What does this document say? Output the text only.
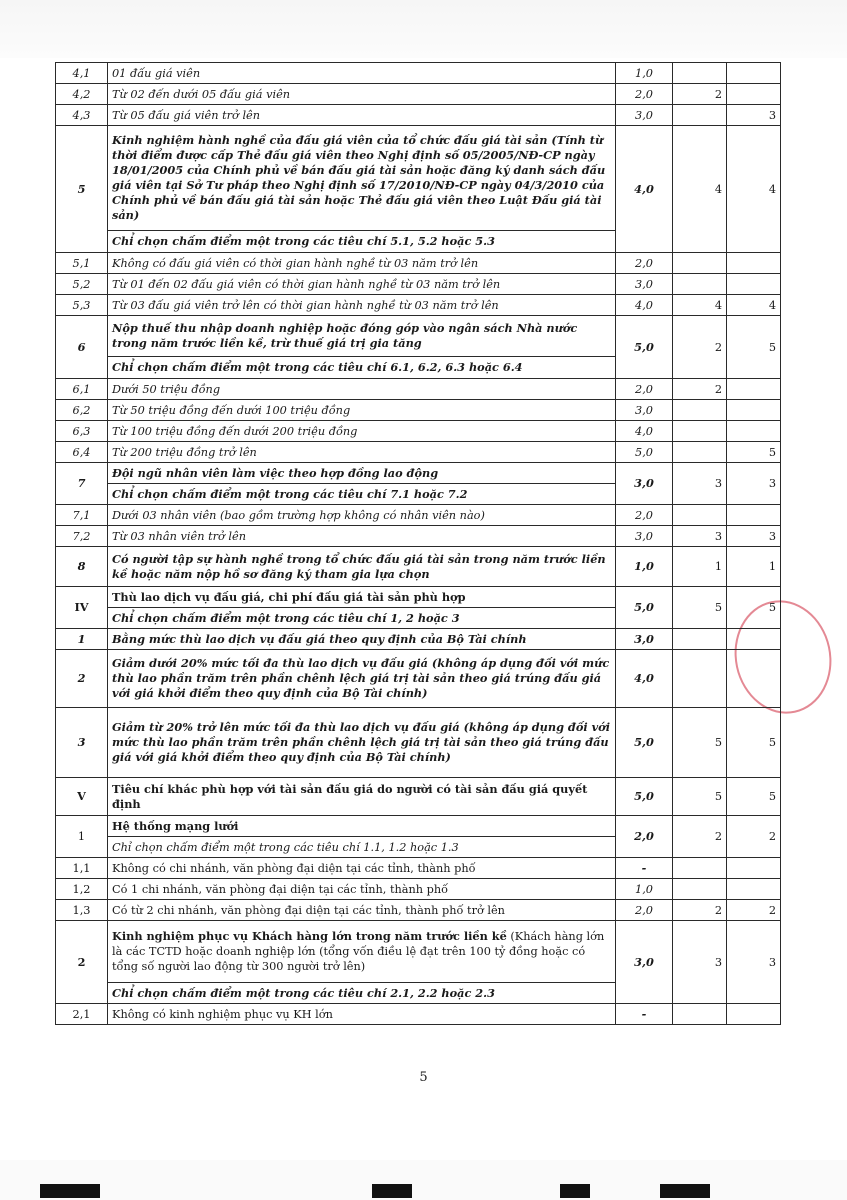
4,1	01 đấu giá viên	1,0		
4,2	Từ 02 đến dưới 05 đấu giá viên	2,0	2	
4,3	Từ 05 đấu giá viên trở lên	3,0		3
5	Kinh nghiệm hành nghề của đấu giá viên của tổ chức đấu giá tài sản (Tính từ thời điểm được cấp Thẻ đấu giá viên theo Nghị định số 05/2005/NĐ-CP ngày 18/01/2005 của Chính phủ về bán đấu giá tài sản hoặc đăng ký danh sách đấu giá viên tại Sở Tư pháp theo Nghị định số 17/2010/NĐ-CP ngày 04/3/2010 của Chính phủ về bán đấu giá tài sản hoặc Thẻ đấu giá viên theo Luật Đấu giá tài sản)	4,0	4	4
	Chỉ chọn chấm điểm một trong các tiêu chí 5.1, 5.2 hoặc 5.3			
5,1	Không có đấu giá viên có thời gian hành nghề từ 03 năm trở lên	2,0		
5,2	Từ 01 đến 02 đấu giá viên có thời gian hành nghề từ 03 năm trở lên	3,0		
5,3	Từ 03 đấu giá viên trở lên có thời gian hành nghề từ 03 năm trở lên	4,0	4	4
6	Nộp thuế thu nhập doanh nghiệp hoặc đóng góp vào ngân sách Nhà nước trong năm trước liền kề, trừ thuế giá trị gia tăng	5,0	2	5
	Chỉ chọn chấm điểm một trong các tiêu chí 6.1, 6.2, 6.3 hoặc 6.4			
6,1	Dưới 50 triệu đồng	2,0	2	
6,2	Từ 50 triệu đồng đến dưới 100 triệu đồng	3,0		
6,3	Từ 100 triệu đồng đến dưới 200 triệu đồng	4,0		
6,4	Từ 200 triệu đồng trở lên	5,0		5
7	Đội ngũ nhân viên làm việc theo hợp đồng lao động	3,0	3	3
	Chỉ chọn chấm điểm một trong các tiêu chí 7.1 hoặc 7.2			
7,1	Dưới 03 nhân viên (bao gồm trường hợp không có nhân viên nào)	2,0		
7,2	Từ 03 nhân viên trở lên	3,0	3	3
8	Có người tập sự hành nghề trong tổ chức đấu giá tài sản trong năm trước liền kề hoặc năm nộp hồ sơ đăng ký tham gia lựa chọn	1,0	1	1
IV	Thù lao dịch vụ đấu giá, chi phí đấu giá tài sản phù hợp	5,0	5	5
	Chỉ chọn chấm điểm một trong các tiêu chí 1, 2 hoặc 3			
1	Bằng mức thù lao dịch vụ đấu giá theo quy định của Bộ Tài chính	3,0		
2	Giảm dưới 20% mức tối đa thù lao dịch vụ đấu giá (không áp dụng đối với mức thù lao phần trăm trên phần chênh lệch giá trị tài sản theo giá trúng đấu giá với giá khởi điểm theo quy định của Bộ Tài chính)	4,0		
3	Giảm từ 20% trở lên mức tối đa thù lao dịch vụ đấu giá (không áp dụng đối với mức thù lao phần trăm trên phần chênh lệch giá trị tài sản theo giá trúng đấu giá với giá khởi điểm theo quy định của Bộ Tài chính)	5,0	5	5
V	Tiêu chí khác phù hợp với tài sản đấu giá do người có tài sản đấu giá quyết định	5,0	5	5
1	Hệ thống mạng lưới	2,0	2	2
	Chỉ chọn chấm điểm một trong các tiêu chí 1.1, 1.2 hoặc 1.3			
1,1	Không có chi nhánh, văn phòng đại diện tại các tỉnh, thành phố	-		
1,2	Có 1 chi nhánh, văn phòng đại diện tại các tỉnh, thành phố	1,0		
1,3	Có từ 2 chi nhánh, văn phòng đại diện tại các tỉnh, thành phố trở lên	2,0	2	2
2	Kinh nghiệm phục vụ Khách hàng lớn trong năm trước liền kề (Khách hàng lớn là các TCTD hoặc doanh nghiệp lớn (tổng vốn điều lệ đạt trên 100 tỷ đồng hoặc có tổng số người lao động từ 300 người trở lên)	3,0	3	3
	Chỉ chọn chấm điểm một trong các tiêu chí 2.1, 2.2 hoặc 2.3			
2,1	Không có kinh nghiệm phục vụ KH lớn	-		
5
